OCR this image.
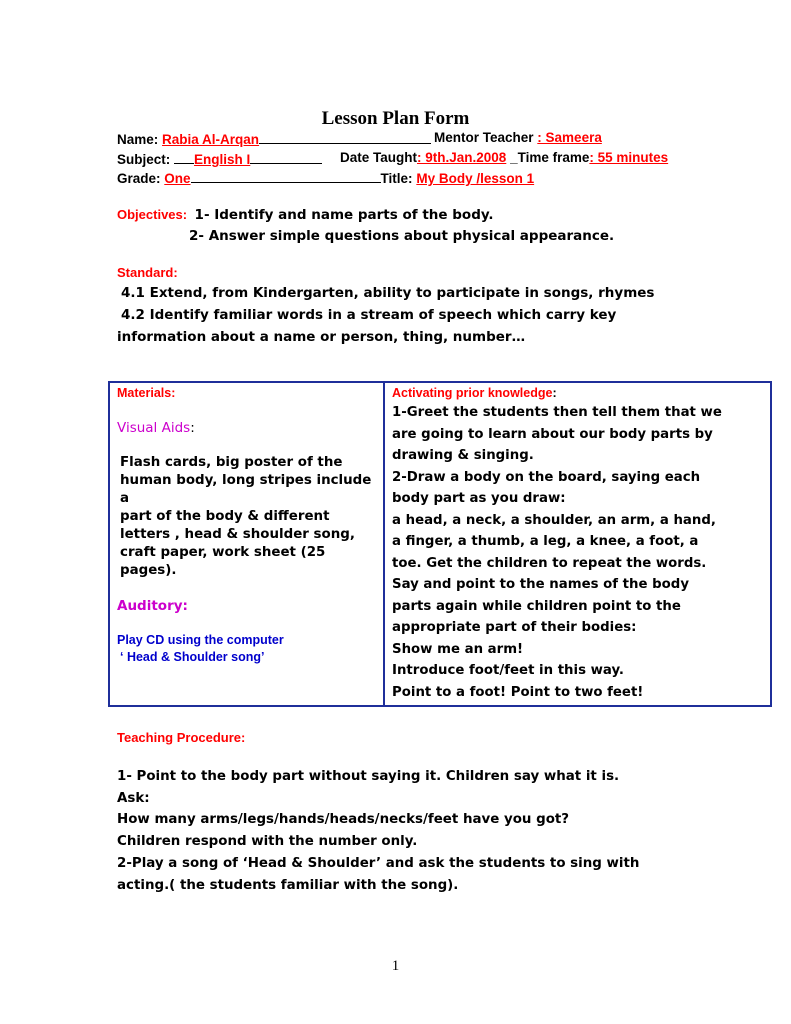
Lesson Plan Form
Name: Rabia Al-Arqan	Mentor Teacher : Sameera
Subject: English I	Date Taught: 9th.Jan.2008 _Time frame: 55 minutes
Grade: One	Title: My Body /lesson 1
Objectives: 1- Identify and name parts of the body.
2- Answer simple questions about physical appearance.
Standard:
4.1 Extend, from Kindergarten, ability to participate in songs, rhymes
4.2 Identify familiar words in a stream of speech which carry key
information about a name or person, thing, number…
Materials:
Visual Aids:
Flash cards, big poster of the
human body, long stripes include a
part of the body & different
letters , head & shoulder song,
craft paper, work sheet (25
pages).
Auditory:
Play CD using the computer
‘ Head & Shoulder song’
Activating prior knowledge:
1-Greet the students then tell them that we
are going to learn about our body parts by
drawing & singing.
2-Draw a body on the board, saying each
body part as you draw:
a head, a neck, a shoulder, an arm, a hand,
a finger, a thumb, a leg, a knee, a foot, a
toe. Get the children to repeat the words.
Say and point to the names of the body
parts again while children point to the
appropriate part of their bodies:
Show me an arm!
Introduce foot/feet in this way.
Point to a foot! Point to two feet!
Teaching Procedure:
1- Point to the body part without saying it. Children say what it is.
Ask:
How many arms/legs/hands/heads/necks/feet have you got?
Children respond with the number only.
2-Play a song of ‘Head & Shoulder’ and ask the students to sing with
acting.( the students familiar with the song).
1
